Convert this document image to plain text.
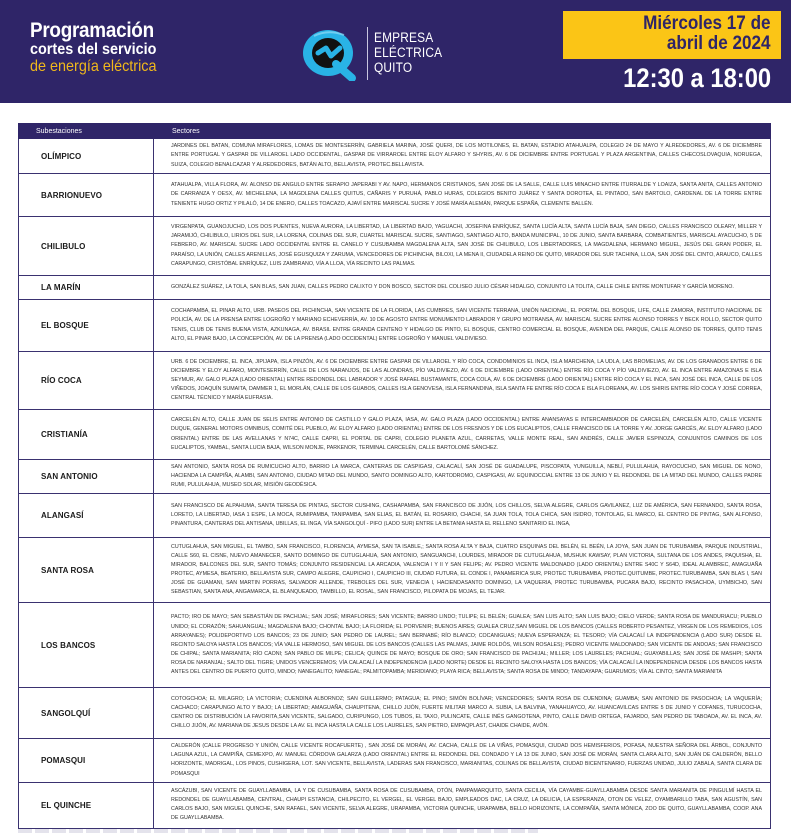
Programación
cortes del servicio
de energía eléctrica
EMPRESA
ELÉCTRICA
QUITO
Miércoles 17 de
abril de 2024
12:30 a 18:00
Subestaciones	Sectores
OLÍMPICO	JARDINES DEL BATAN, COMUNA MIRAFLORES, LOMAS DE MONTESERRÍN, GABRIELA MARINA, JOSÉ QUERI, DE LOS MOTILONES, EL BATAN, ESTADIO ATAHUALPA, COLEGIO 24 DE MAYO Y ALREDEDORES, AV. 6 DE DICIEMBRE ENTRE PORTUGAL Y GASPAR DE VILLAROEL LADO OCCIDENTAL, GASPAR DE VIRRAROEL ENTRE ELOY ALFARO Y SHYRIS, AV. 6 DE DICIEMBRE ENTRE PORTUGAL Y PLAZA ARGENTINA, CALLES CHECOSLOVAQUIA, NORUEGA, SUIZA, COLEGIO BENALCAZAR Y ALREDEDORES, BATÁN ALTO, BELLAVISTA, PROTEC.BELLAVISTA.
BARRIONUEVO	ATAHUALPA, VILLA FLORA, AV. ALONSO DE ANGULO ENTRE SERAPIO JAPERABI Y AV. NAPO, HERMANOS CRISTIANOS, SAN JOSÉ DE LA SALLE, CALLE LUIS MINACHO ENTRE ITURRALDE Y LOAIZA, SANTA ANITA, CALLES ANTONIO DE CARRANZA Y OESX, AV. MICHELENA, LA MAGDLENA CALLES QUITUS, CAÑARIS Y PURUHÁ, PABLO HURAS, COLEGIOS BENITO JUÁREZ Y SANTA DOROTEA, EL PINTADO, SAN BARTOLO, CARDENAL DE LA TORRE ENTRE TENIENTE HUGO ORTIZ Y PILALÓ, 14 DE ENERO, CALLES TOACAZO, AJAVÍ ENTRE MARISCAL SUCRE Y JOSÉ MARÍA ALEMÁN, PARQUE ESPAÑA, CLEMENTE BALLÉN.
CHILIBULO	VIRGENPATA, GUANOJUCHO, LOS DOS PUENTES, NUEVA AURORA, LA LIBERTAD, LA LIBERTAD BAJO, YAGUACHI, JOSEFINA ENRÍQUEZ, SANTA LUCÍA ALTA, SANTA LUCÍA BAJA, SAN DIEGO, CALLES FRANCISCO OLEARY, MILLER Y JARAMIJÓ, CHILIBULO, LIRIOS DEL SUR, LA LORENA, COLINAS DEL SUR, CUARTEL MARISCAL SUCRE, SANTIAGO, SANTIAGO ALTO, BANDA MUNICIPAL, 10 DE JUNIO, SANTA BARBARA, COMBATIENTES, MARISCAL AYACUCHO, 5 DE FEBRERO, AV. MARISCAL SUCRE LADO OCCIDENTAL ENTRE EL CANELO Y CUSUBAMBA MAGDALENA ALTA, SAN JOSÉ DE CHILIBULO, LOS LIBERTADORES, LA MAGDALENA, HERMANO MIGUEL, JESÚS DEL GRAN PODER, EL PARAÍSO, LA UNIÓN, CALLES ARENILLAS, JOSÉ EGUSQUIZA Y ZARUMA, VENCEDORES DE PICHINCHA, BILOXI, LA MENA II, CIUDADELA REINO DE QUITO, MIRADOR DEL SUR TACHINA, LLOA, SAN JOSÉ DEL CINTO, ARAUCO, CALLES CARAPUNGO, CRISTÓBAL ENRÍQUEZ, LUIS ZAMBRANO, VÍA A LLOA, VÍA RECINTO LAS PALMAS.
LA MARÍN	GONZÁLEZ SUÁREZ, LA TOLA, SAN BLAS, SAN JUAN, CALLES PEDRO CALIXTO Y DON BOSCO, SECTOR DEL COLISEO JULIO CÉSAR HIDALGO, CONJUNTO LA TOLITA, CALLE CHILE ENTRE MONTUFAR Y GARCÍA MORENO.
EL BOSQUE	COCHAPAMBA, EL PINAR ALTO, URB. PASEOS DEL PICHINCHA, SAN VICENTE DE LA FLORIDA, LAS CUMBRES, SAN VICENTE TERRANA, UNIÓN NACIONAL, EL PORTAL DEL BOSQUE, LIFE, CALLE ZAMORA, INSTITUTO NACIONAL DE POLICÍA, AV. DE LA PRENSA ENTRE LOGROÑO Y MARIANO ECHEVERRÍA, AV. 10 DE AGOSTO ENTRE MONUMENTO LABRADOR Y GRUPO MOTRANSA, AV. MARISCAL SUCRE ENTRE ALONSO TORRES Y BECK ROLLO, SECTOR QUITO TENIS, CLUB DE TENIS BUENA VISTA, AZKUNAGA, AV. BRASIL ENTRE GRANDA CENTENO Y HIDALGO DE PINTO, EL BOSQUE, CENTRO COMERCIAL EL BOSQUE, AVENIDA DEL PARQUE, CALLE ALONSO DE TORRES, QUITO TENIS ALTO, EL PINAR BAJO, LA CONCEPCIÓN, AV. DE LA PRENSA (LADO OCCIDENTAL) ENTRE LOGROÑO Y MANUEL VALDIVIESO.
RÍO COCA	URB. 6 DE DICIEMBRE, EL INCA, JIPIJAPA, ISLA PINZÓN, AV. 6 DE DICIEMBRE ENTRE GASPAR DE VILLAROEL Y RÍO COCA, CONDOMINIOS EL INCA, ISLA MARCHENA, LA UDLA, LAS BROMELIAS, AV. DE LOS GRANADOS ENTRE 6 DE DICIEMBRE Y ELOY ALFARO, MONTESERRÍN, CALLE DE LOS NARANJOS, DE LAS ALONDRAS, PÍO VALDIVIEZO, AV. 6 DE DICIEMBRE (LADO ORIENTAL) ENTRE RÍO COCA Y PÍO VALDIVIEZO, AV. EL INCA ENTRE AMAZONAS E ISLA SEYMUR, AV. GALO PLAZA (LADO ORIENTAL) ENTRE REDONDEL DEL LABRADOR Y JOSÉ RAFAEL BUSTAMANTE, COCA COLA, AV. 6 DE DICIEMBRE (LADO ORIENTAL) ENTRE RÍO COCA Y EL INCA, SAN JOSÉ DEL INCA, CALLE DE LOS VIÑEDOS, JOAQUÍN SUMAITA, DAMMER 1, EL MORLÁN, CALLE DE LOS GUABOS, CALLES ISLA GENOVESA, ISLA FERNANDINA, ISLA SANTA FE ENTRE RÍO COCA E ISLA FLOREANA, AV. LOS SHIRIS ENTRE RÍO COCA Y JOSÉ CORREA, CENTRAL TÉCNICO Y MARÍA EUFRASIA.
CRISTIANÍA	CARCELÉN ALTO, CALLE JUAN DE SELIS ENTRE ANTONIO DE CASTILLO Y GALO PLAZA, IASA, AV. GALO PLAZA (LADO OCCIDENTAL) ENTRE ANANSAYAS E INTERCAMBIADOR DE CARCELÉN, CARCELÉN ALTO, CALLE VICENTE DUQUE, GENERAL MOTORS OMNIBUS, COMITÉ DEL PUEBLO, AV. ELOY ALFARO (LADO ORIENTAL) ENTRE DE LOS FRESNOS Y DE LOS EUCALIPTOS, CALLE FRANCISCO DE LA TORRE Y AV. JORGE GARCÉS, AV. ELOY ALFARO (LADO ORIENTAL) ENTRE DE LAS AVELLANAS Y N74C, CALLE CAPRI, EL PORTAL DE CAPRI, COLEGIO PLANETA AZUL, CARRETAS, VALLE MONTE REAL, SAN ANDRÉS, CALLE JAVIER ESPINOZA, CONJUNTOS CAMINOS DE LOS EUCALIPTOS, YAMBAL, SANTA LUCIA BAJA, WILSON MONJE, PARKENOR, TERMINAL CARCELÉN, CALLE BARTOLOMÉ SÁNCHEZ.
SAN ANTONIO	SAN ANTONIO, SANTA ROSA DE RUMICUCHO ALTO, BARRIO LA MARCA, CANTERAS DE CASPIGASI, CALACALÍ, SAN JOSÉ DE GUADALUPE, PISCOPATA, YUNGUILLA, NEBLÍ, PULULAHUA, RAYOCUCHO, SAN MIGUEL DE NONO, HACIENDA LA CAMPIÑA, ALAMBI, SAN ANTONIO, CIUDAD MITAD DEL MUNDO, SANTO DOMINGO ALTO, KARTODROMO, CASPIGASI, AV. EQUINOCCIAL ENTRE 13 DE JUNIO Y EL REDONDEL DE LA MITAD DEL MUNDO, CALLES PADRE RUMI, PULULAHUA, MUSEO SOLAR, MISIÓN GEODÉSICA.
ALANGASÍ	SAN FRANCISCO DE ALPAHUMA, SANTA TERESA DE PINTAG, SECTOR CUSHING, CASHAPAMBA, SAN FRANCISCO DE JIJÓN, LOS CHILLOS, SELVA ALEGRE, CARLOS GAVILANEZ, LUZ DE AMÉRICA, SAN FERNANDO, SANTA ROSA, LORETO, LA LIBERTAD, IASA 1 ESPE, LA MOCA, RUMIPAMBA, TANIPAMBA, SAN ELIAS, EL BATÁN, EL ROSARIO, CHACHI, SA JUAN TOLA, TOLA CHICA, SAN ISIDRO, TONTOLAG, EL MARCO, EL CENTRO DE PINTAG, SAN ALFONSO, PINANTURA, CANTERAS DEL ANTISANA, UBILLAS, EL INGA, VÍA SANGOLQUÍ - PIFO (LADO SUR) ENTRE LA BETANIA HASTA EL RELLENO SANITARIO EL INGA,
SANTA ROSA	CUTUGLAHUA, SAN MIGUEL, EL TAMBO, SAN FRANCISCO, FLORENCIA, AYMESA, SAN TA ISABLE,; SANTA ROSA ALTA Y BAJA, CUATRO ESQUINAS DEL BELÉN, EL BEÉN, LA JOYA, SAN JUAN DE TURUBAMBA, PARQUE INDUSTRIAL, CALLE S60, EL CISNE, NUEVO AMANECER, SANTO DOMINGO DE CUTUGLAHUA, SAN ANTONIO, SANGUANCHI, LOURDES, MIRADOR DE CUTUGLAHUA, MUSHUK KAWSAY, PLAN VICTORIA, SULTANA DE LOS ANDES, PAQUISHA, EL MIRADOR, BALCONES DEL SUR, SANTO TOMÁS; CONJUNTO RESIDENCIAL LA ARCADIA, VALENCIA I Y II Y SAN FELIPE; AV. PEDRO VICENTE MALDONADO (LADO ORIENTAL) ENTRE S40C Y S64D, IDEAL ALAMBREC, AMAGUAÑA PROTEC, AYMESA, BEATERIO, BELLAVISTA SUR, CAMPO ALEGRE, CAUPICHO I, CAUPICHO III, CIUDAD FUTURA, EL CONDE I, PANAMERICA SUR, PROTEC TURUBAMBA, PROTEC.QUITUMBE, PROTEC.TURUBAMBA, SAN BLAS I, SAN JOSÉ DE GUAMANI, SAN MARTIN PORRAS, SALVADOR ALLENDE, TREBOLES DEL SUR, VENECIA I, HACIENDASANTO DOMINGO, LA VAQUERIA, PROTEC TURUBAMBA, PUCARA BAJO, RECINTO PASACHOA, UYMBICHO, SAN SEBASTIAN, SANTA ANA, ANGAMARCA, EL BLANQUEADO, TAMBILLO, EL ROSAL, SAN FRANCISCO, PILOPATA DE MOJAS, EL TEJAR.
LOS BANCOS	PACTO; IRO DE MAYO; SAN SEBASTIÁN DE PACHIJAL; SAN JOSÉ; MIRAFLORES; SAN VICENTE; BARRIO LINDO; TULIPE; EL BELÉN; GUALEA; SAN LUIS ALTO; SAN LUIS BAJO; CIELO VERDE; SANTA ROSA DE MANDURIACU; PUEBLO UNIDO; EL CORAZÓN; SAHUANGUAL; MAGDALENA BAJO; CHONTAL BAJO; LA FLORIDA; EL PORVENIR; BUENOS AIRES; GUALEA CRUZ,SAN MIGUEL DE LOS BANCOS (CALLES ROBERTO PESANTEZ, VIRGEN DE LOS REMEDIOS, LOS ARRAYANES); POLIDEPORTIVO LOS BANCOS; 23 DE JUNIO; SAN PEDRO DE LAUREL; SAN BERNABÉ; RÍO BLANCO; COCANIGUAS; NUEVA ESPERANZA; EL TESORO; VÍA CALACALÍ LA INDEPENDENCIA (LADO SUR) DESDE EL RECINTO SALOYA HASTA LOS BANCOS; VÍA VALLE HERMOSO, SAN MIGUEL DE LOS BANCOS (CALLES LAS PALMAS, JAIME ROLDÓS, WILSON ROSALES); PEDRO VICENTE MALDONADO; SAN VICENTE DE ANDOAS; SAN FRANCISCO DE CHIPAL; SANTA MARIANITA; RÍO CAONI; SAN PABLO DE MILPE; CELICA; QUINCE DE MAYO; BOSQUE DE ORO; SAN FRANCISCO DE PACHIJAL; MILLER; LOS LAURELES; PACHIJAL; GUAYABILLAS; SAN JOSÉ DE MASHPI; SANTA ROSA DE NARANJAL; SALTO DEL TIGRE; UNIDOS VENCEREMOS; VÍA CALACALÍ LA INDEPENDENCIA (LADO NORTE) DESDE EL RECINTO SALOYA HASTA LOS BANCOS; VÍA CALACALÍ LA INDEPENDENCIA DESDE LOS BANCOS HASTA ANTES DEL CENTRO DE PUERTO QUITO, MINDO; NANEGALITO; NANEGAL; PALMITOPAMBA; MERIDIANO; PLAYA RICA; BELLAVISTA; SANTA ROSA DE MINDO; TANDAYAPA; GUARUMOS; VÍA AL CINTO; SANTA MARIANITA
SANGOLQUÍ	COTOGCHOA; EL MILAGRO; LA VICTORIA; CUENDINA ALBORNOZ; SAN GUILLERMO; PATAGUA; EL PINO; SIMÓN BOLÍVAR; VENCEDORES; SANTA ROSA DE CUENDINA; GUAMBA; SAN ANTONIO DE PASOCHOA; LA VAQUERÍA; CACHACO; CARAPUNGO ALTO Y BAJO; LA LIBERTAD; AMAGUAÑA, CHAUPITENA, CHILLO JIJÓN, FUERTE MILITAR MARCO A. SUBIA, LA BALVINA, YANAHUAYCO, AV. HUANCAVILCAS ENTRE 5 DE JUNIO Y COFANES, TURUCOCHA, CENTRO DE DISTRIBUCIÓN LA FAVORITA,SAN VICENTE, SALGADO, CURIPUNGO, LOS TUBOS, EL TAXO, PULINCATE, CALLE INÉS GANGOTENA, PINTO, CALLE DAVID ORTEGA, FAJARDO, SAN PEDRO DE TABOADA, AV. EL INCA, AV. CHILLO JIJÓN, AV. MARIANA DE JESUS DESDE LA AV. EL INCA HASTA LA CALLE LOS LAURELES, SAN PIETRO, EMPAQPLAST, CHAIDE CHAIDE, AVÓN.
POMASQUI	CALDERÓN (CALLE PROGRESO Y UNIÓN, CALLE VICENTE ROCAFUERTE) , SAN JOSÉ DE MORÁN, AV. CACHA, CALLE DE LA VIÑAS, POMASQUI, CIUDAD DOS HEMISFERIOS, POFASA, NUESTRA SEÑORA DEL ÁRBOL, CONJUNTO LAGUNA AZUL, LA CAMPIÑA, CEMEXPO, AV. MANUEL CÓRDOVA GALARZA (LADO ORIENTAL) ENTRE EL REDONDEL DEL CONDADO Y LA 13 DE JUNIO, SAN JOSÉ DE MORÁN, SANTA CLARA ALTO, SAN JUÁN DE CALDERÓN, BELLO HORIZONTE, MADRIGAL, LOS PINOS, CUSHIGERA, LOT. SAN VICENTE, BELLAVISTA, LADERAS SAN FRANCISCO, MARIANITAS, COLINAS DE BELLAVISTA, CIUDAD BICENTENARIO, FUERZAS UNIDAD, JULIO ZABALA, SANTA CLARA DE POMASQUI
EL QUINCHE	ASCÁZUBI, SAN VICENTE DE GUAYLLABAMBA, LA Y DE CUSUBAMBA, SANTA ROSA DE CUSUBAMBA, OTÓN, PAMPAMARQUITO, SANTA CECILIA, VÍA CAYAMBE-GUAYLLABAMBA DESDE SANTA MARIANITA DE PINGULMÍ HASTA EL REDONDEL DE GUAYLLABAMBA, CENTRAL, CHAUPI ESTANCIA, CHILPECITO, EL VERGEL, EL VERGEL BAJO, EMPLEADOS DAC, LA CRUZ, LA DELICIA, LA ESPERANZA, OTON DE VELEZ, OYAMBARILLO TABA, SAN AGUSTÍN, SAN CARLOS BAJO, SAN MIGUEL QUINCHE, SAN RAFAEL, SAN VICENTE, SELVA ALEGRE, URAPAMBA, VICTORIA QUINCHE, URAPAMBA, BELLO HORIZONTE, LA COMPAÑÍA, SANTA MÓNICA, ZOO DE QUITO, GUAYLLABAMBA, COOP. ANA DE GUAYLLABAMBA.
